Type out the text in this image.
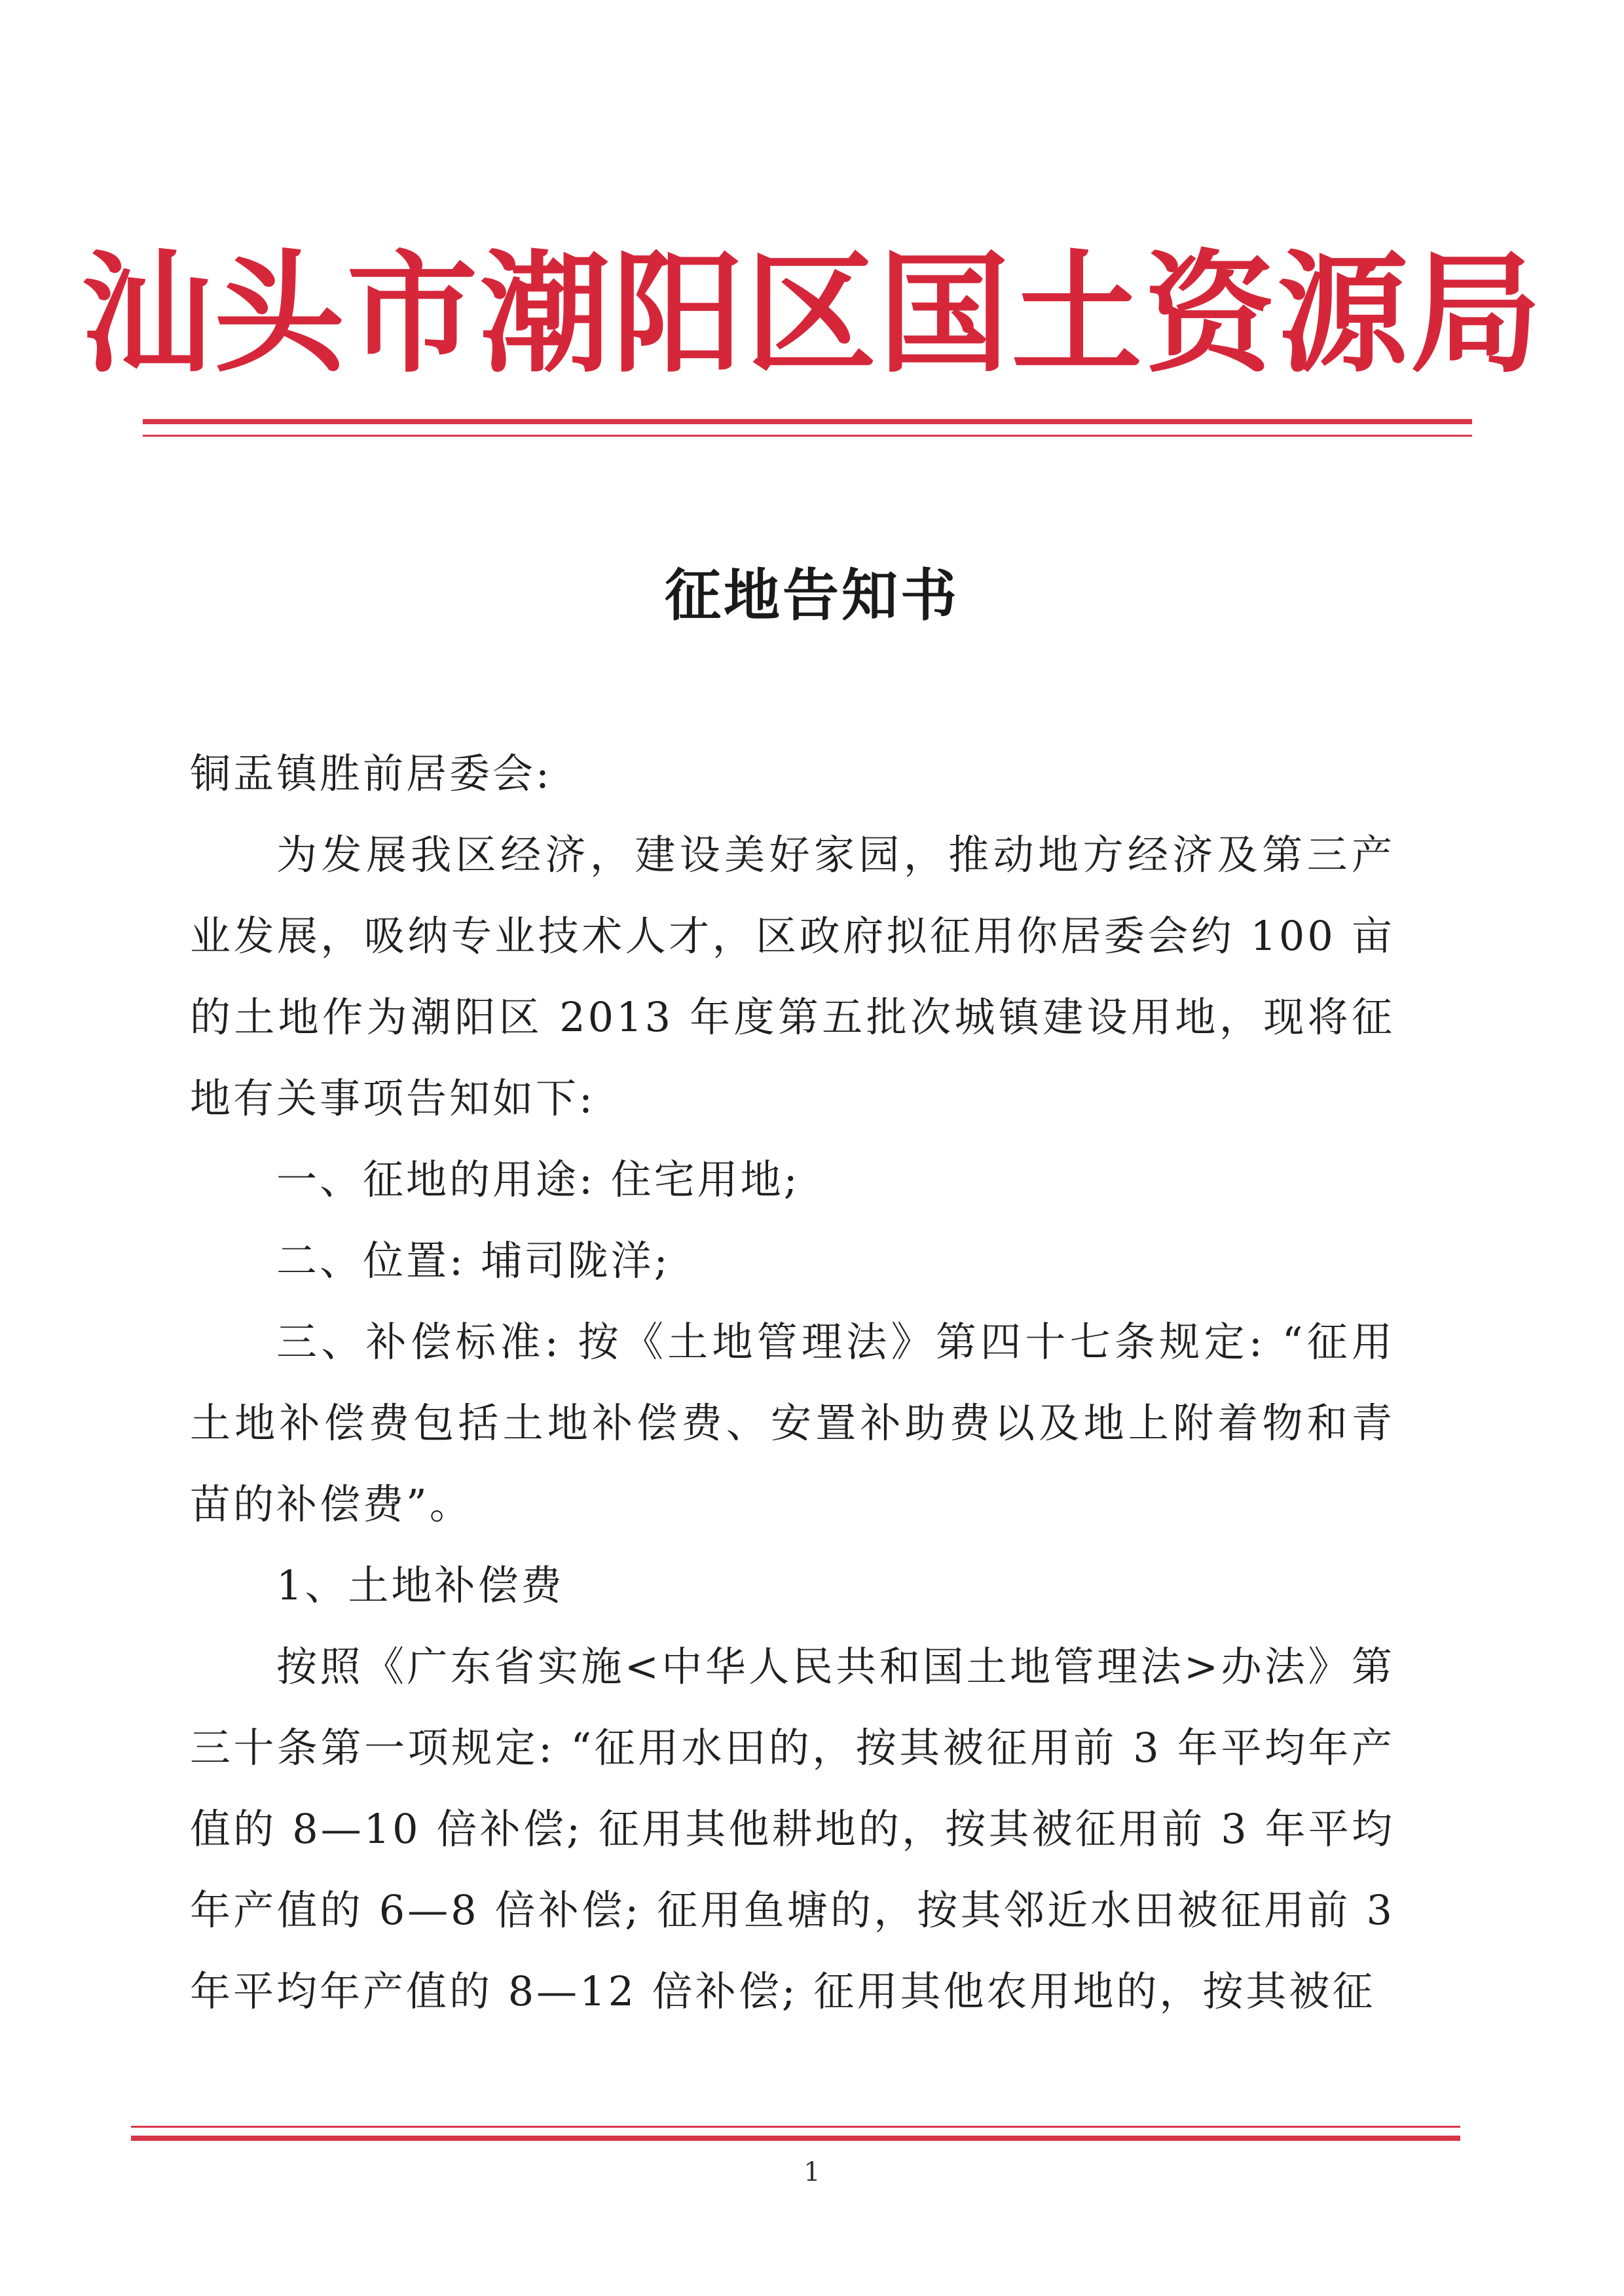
汕头市潮阳区国土资源局
征地告知书

铜盂镇胜前居委会:

为发展我区经济，建设美好家园，推动地方经济及第三产业发展，吸纳专业技术人才，区政府拟征用你居委会约 100 亩的土地作为潮阳区 2013 年度第五批次城镇建设用地，现将征地有关事项告知如下:

一、征地的用途: 住宅用地;

二、位置: 埔司陇洋;

三、补偿标准: 按《土地管理法》第四十七条规定: “征用土地补偿费包括土地补偿费、安置补助费以及地上附着物和青苗的补偿费”。

1、土地补偿费

按照《广东省实施<中华人民共和国土地管理法>办法》第三十条第一项规定: “征用水田的，按其被征用前 3 年平均年产值的 8—10 倍补偿; 征用其他耕地的，按其被征用前 3 年平均年产值的 6—8 倍补偿; 征用鱼塘的，按其邻近水田被征用前 3 年平均年产值的 8—12 倍补偿; 征用其他农用地的，按其被征

1
